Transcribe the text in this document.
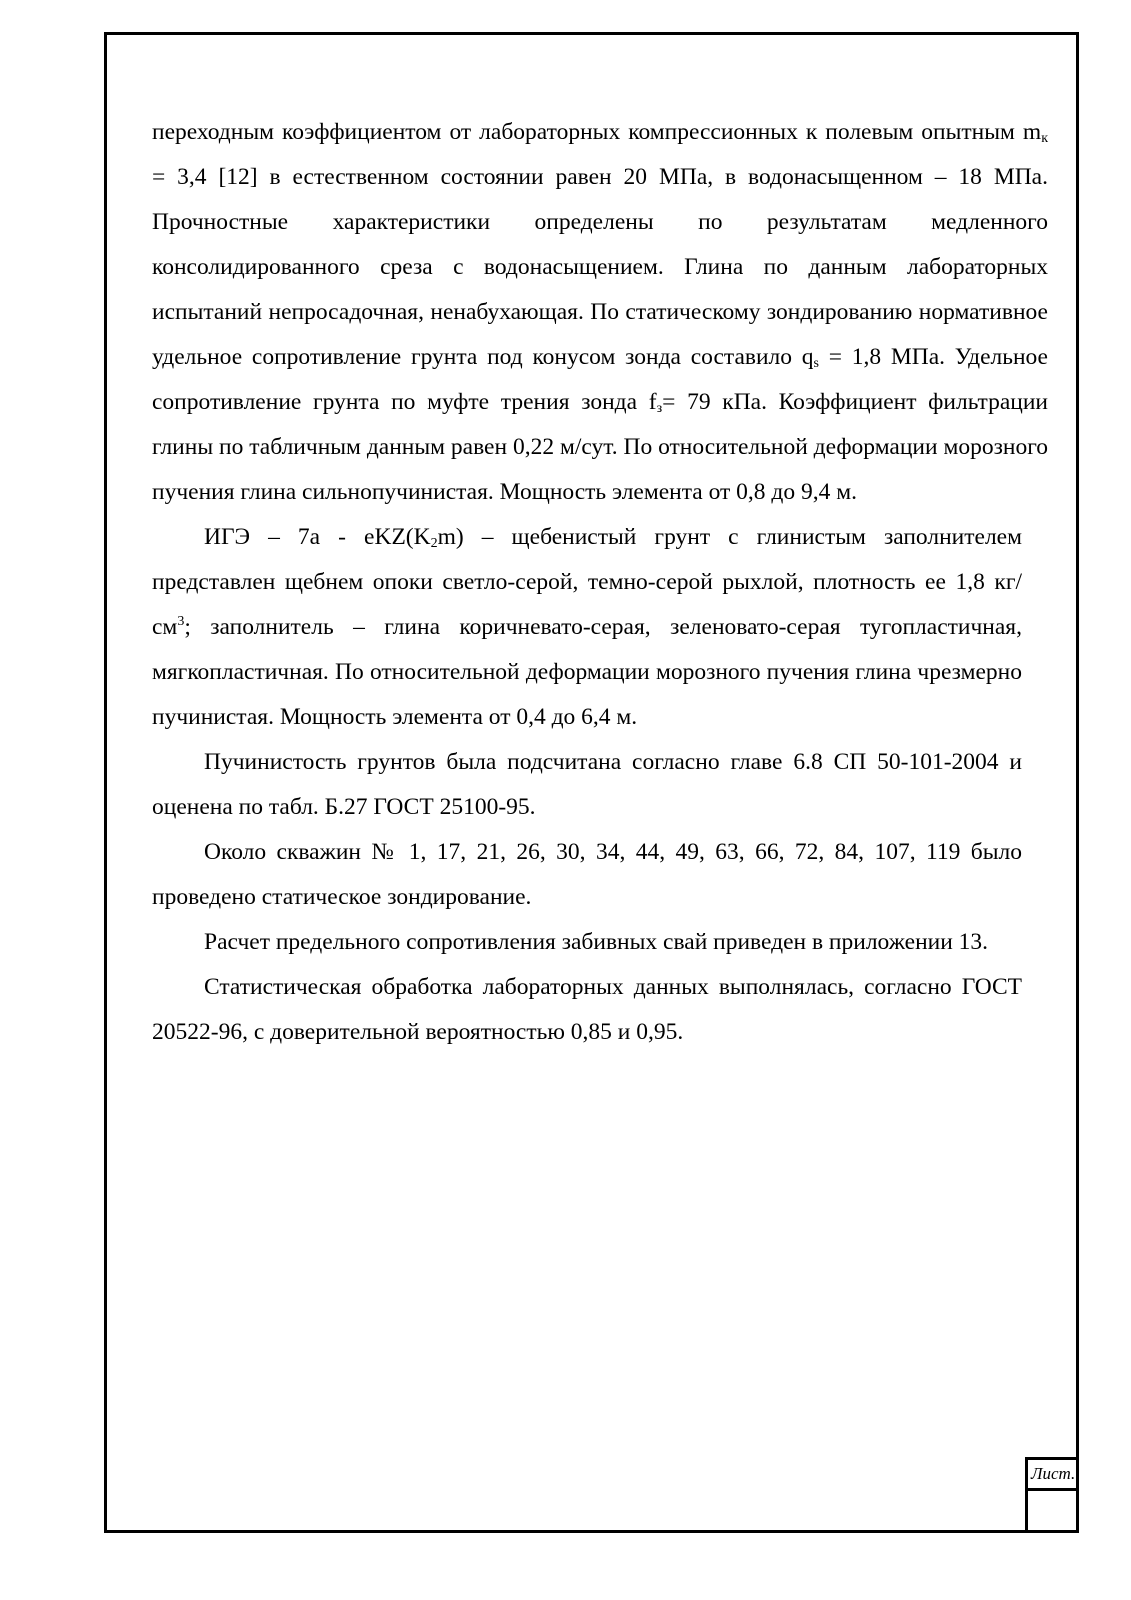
переходным коэффициентом от лабораторных компрессионных к полевым опытным $m_к = 3,4$ [12] в естественном состоянии равен 20 МПа, в водонасыщенном – 18 МПа. Прочностные характеристики определены по результатам медленного консолидированного среза с водонасыщением. Глина по данным лабораторных испытаний непросадочная, ненабухающая. По статическому зондированию нормативное удельное сопротивление грунта под конусом зонда составило $q_s = 1,8$ МПа. Удельное сопротивление грунта по муфте трения зонда $f_з= 79$ кПа. Коэффициент фильтрации глины по табличным данным равен 0,22 м/сут. По относительной деформации морозного пучения глина сильнопучинистая. Мощность элемента от 0,8 до 9,4 м.

ИГЭ – $7а - eKZ(K_2m)$ – щебенистый грунт с глинистым заполнителем представлен щебнем опоки светло-серой, темно-серой рыхлой, плотность ее 1,8 $кг/см^3$; заполнитель – глина коричневато-серая, зеленовато-серая тугопластичная, мягкопластичная. По относительной деформации морозного пучения глина чрезмерно пучинистая. Мощность элемента от 0,4 до 6,4 м.

Пучинистость грунтов была подсчитана согласно главе 6.8 СП 50-101-2004 и оценена по табл. Б.27 ГОСТ 25100-95.

Около скважин № 1, 17, 21, 26, 30, 34, 44, 49, 63, 66, 72, 84, 107, 119 было проведено статическое зондирование.

Расчет предельного сопротивления забивных свай приведен в приложении 13.

Статистическая обработка лабораторных данных выполнялась, согласно ГОСТ 20522-96, с доверительной вероятностью 0,85 и 0,95.

Лист.
